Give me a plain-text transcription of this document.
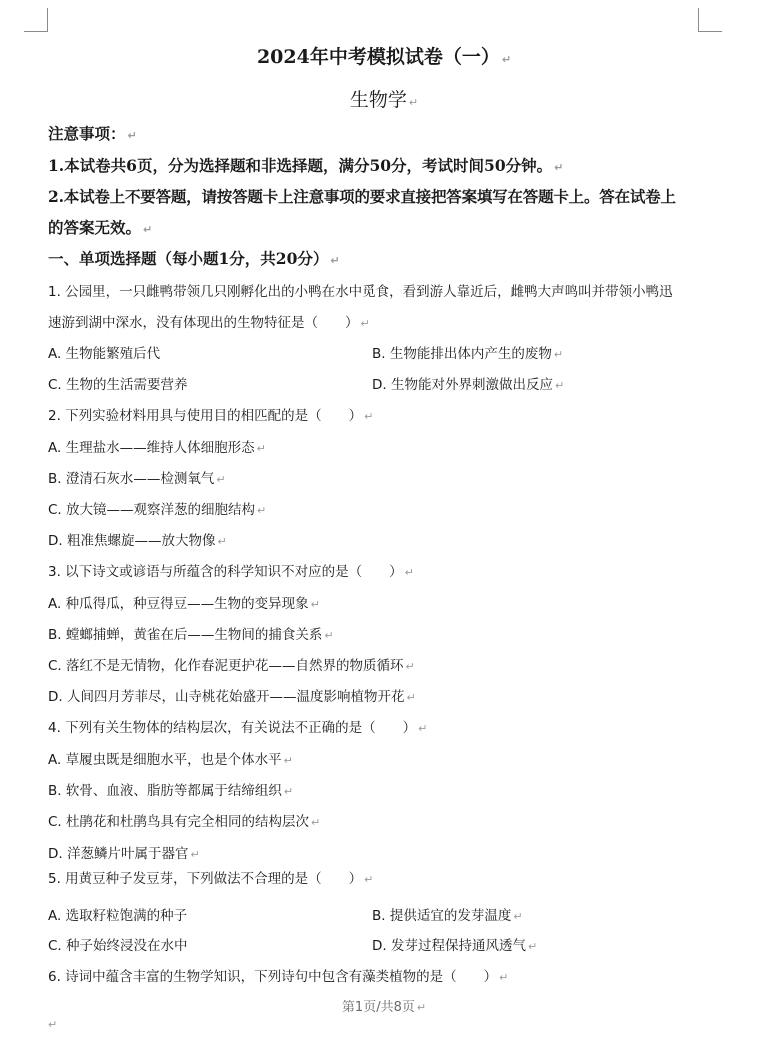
2024年中考模拟试卷（一） ↵
生物学 ↵
注意事项： ↵
1.本试卷共6页，分为选择题和非选择题，满分50分，考试时间50分钟。 ↵
2.本试卷上不要答题，请按答题卡上注意事项的要求直接把答案填写在答题卡上。答在试卷上
的答案无效。 ↵
一、单项选择题（每小题1分，共20分） ↵
1. 公园里，一只雌鸭带领几只刚孵化出的小鸭在水中觅食，看到游人靠近后，雌鸭大声鸣叫并带领小鸭迅
速游到湖中深水，没有体现出的生物特征是（　　） ↵
A. 生物能繁殖后代	B. 生物能排出体内产生的废物 ↵
C. 生物的生活需要营养	D. 生物能对外界刺激做出反应 ↵
2. 下列实验材料用具与使用目的相匹配的是（　　） ↵
A. 生理盐水——维持人体细胞形态 ↵
B. 澄清石灰水——检测氧气 ↵
C. 放大镜——观察洋葱的细胞结构 ↵
D. 粗准焦螺旋——放大物像 ↵
3. 以下诗文或谚语与所蕴含的科学知识不对应的是（　　） ↵
A. 种瓜得瓜，种豆得豆——生物的变异现象 ↵
B. 螳螂捕蝉，黄雀在后——生物间的捕食关系 ↵
C. 落红不是无情物，化作春泥更护花——自然界的物质循环 ↵
D. 人间四月芳菲尽，山寺桃花始盛开——温度影响植物开花 ↵
4. 下列有关生物体的结构层次，有关说法不正确的是（　　） ↵
A. 草履虫既是细胞水平，也是个体水平 ↵
B. 软骨、血液、脂肪等都属于结缔组织 ↵
C. 杜鹃花和杜鹃鸟具有完全相同的结构层次 ↵
D. 洋葱鳞片叶属于器官 ↵
5. 用黄豆种子发豆芽，下列做法不合理的是（　　） ↵
A. 选取籽粒饱满的种子	B. 提供适宜的发芽温度 ↵
C. 种子始终浸没在水中	D. 发芽过程保持通风透气 ↵
6. 诗词中蕴含丰富的生物学知识，下列诗句中包含有藻类植物的是（　　） ↵
第1页/共8页 ↵
↵
